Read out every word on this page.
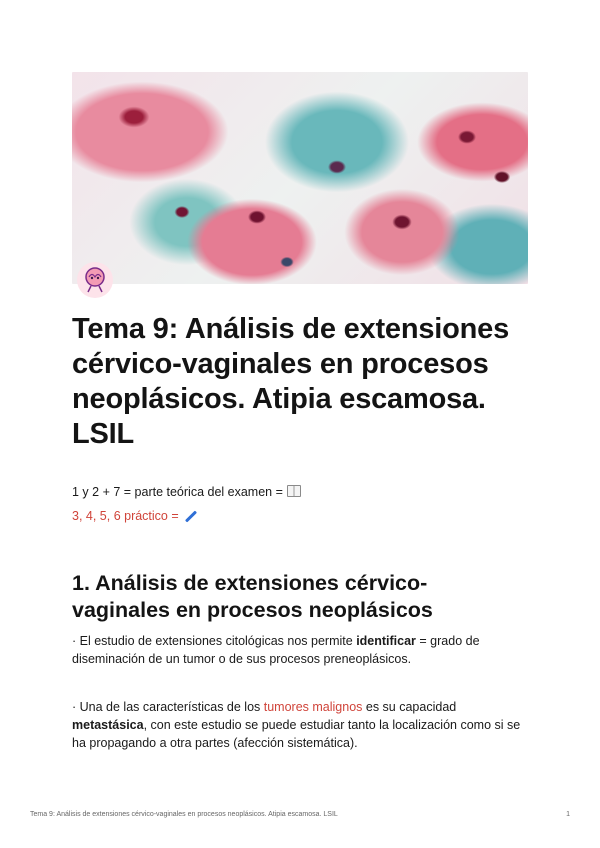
Tema 9: Análisis de extensiones cérvico-vaginales en procesos neoplásicos. Atipia escamosa. LSIL
1 y 2 + 7 = parte teórica del examen =
3, 4, 5, 6 práctico =
1. Análisis de extensiones cérvico-vaginales en procesos neoplásicos

· El estudio de extensiones citológicas nos permite identificar = grado de diseminación de un tumor o de sus procesos preneoplásicos.

· Una de las características de los tumores malignos es su capacidad metastásica, con este estudio se puede estudiar tanto la localización como si se ha propagando a otra partes (afección sistemática).

Tema 9: Análisis de extensiones cérvico-vaginales en procesos neoplásicos. Atipia escamosa. LSIL	1
